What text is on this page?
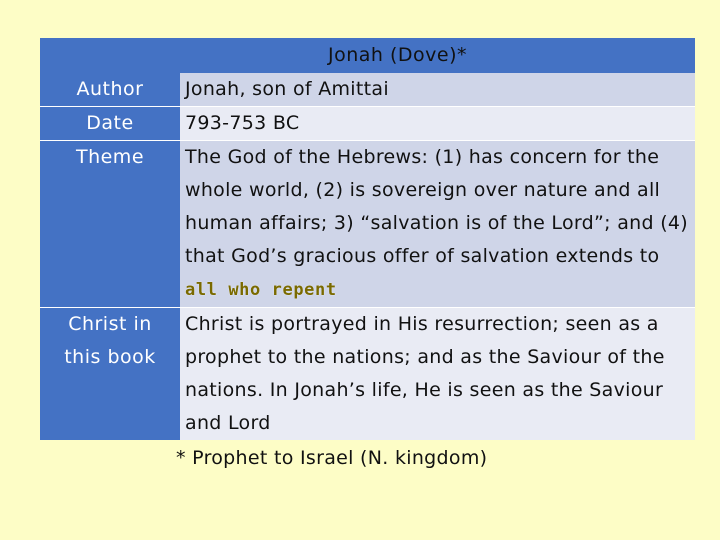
Jonah (Dove)*	
Author	Jonah, son of Amittai
Date	793-753 BC
Theme	The God of the Hebrews: (1) has concern for the whole world, (2) is sovereign over nature and all human affairs; 3) “salvation is of the Lord”; and (4) that God’s gracious offer of salvation extends to all who repent

Christ in
this book	Christ is portrayed in His resurrection; seen as a prophet to the nations; and as the Saviour of the nations. In Jonah’s life, He is seen as the Saviour and Lord
* Prophet to Israel (N. kingdom)
